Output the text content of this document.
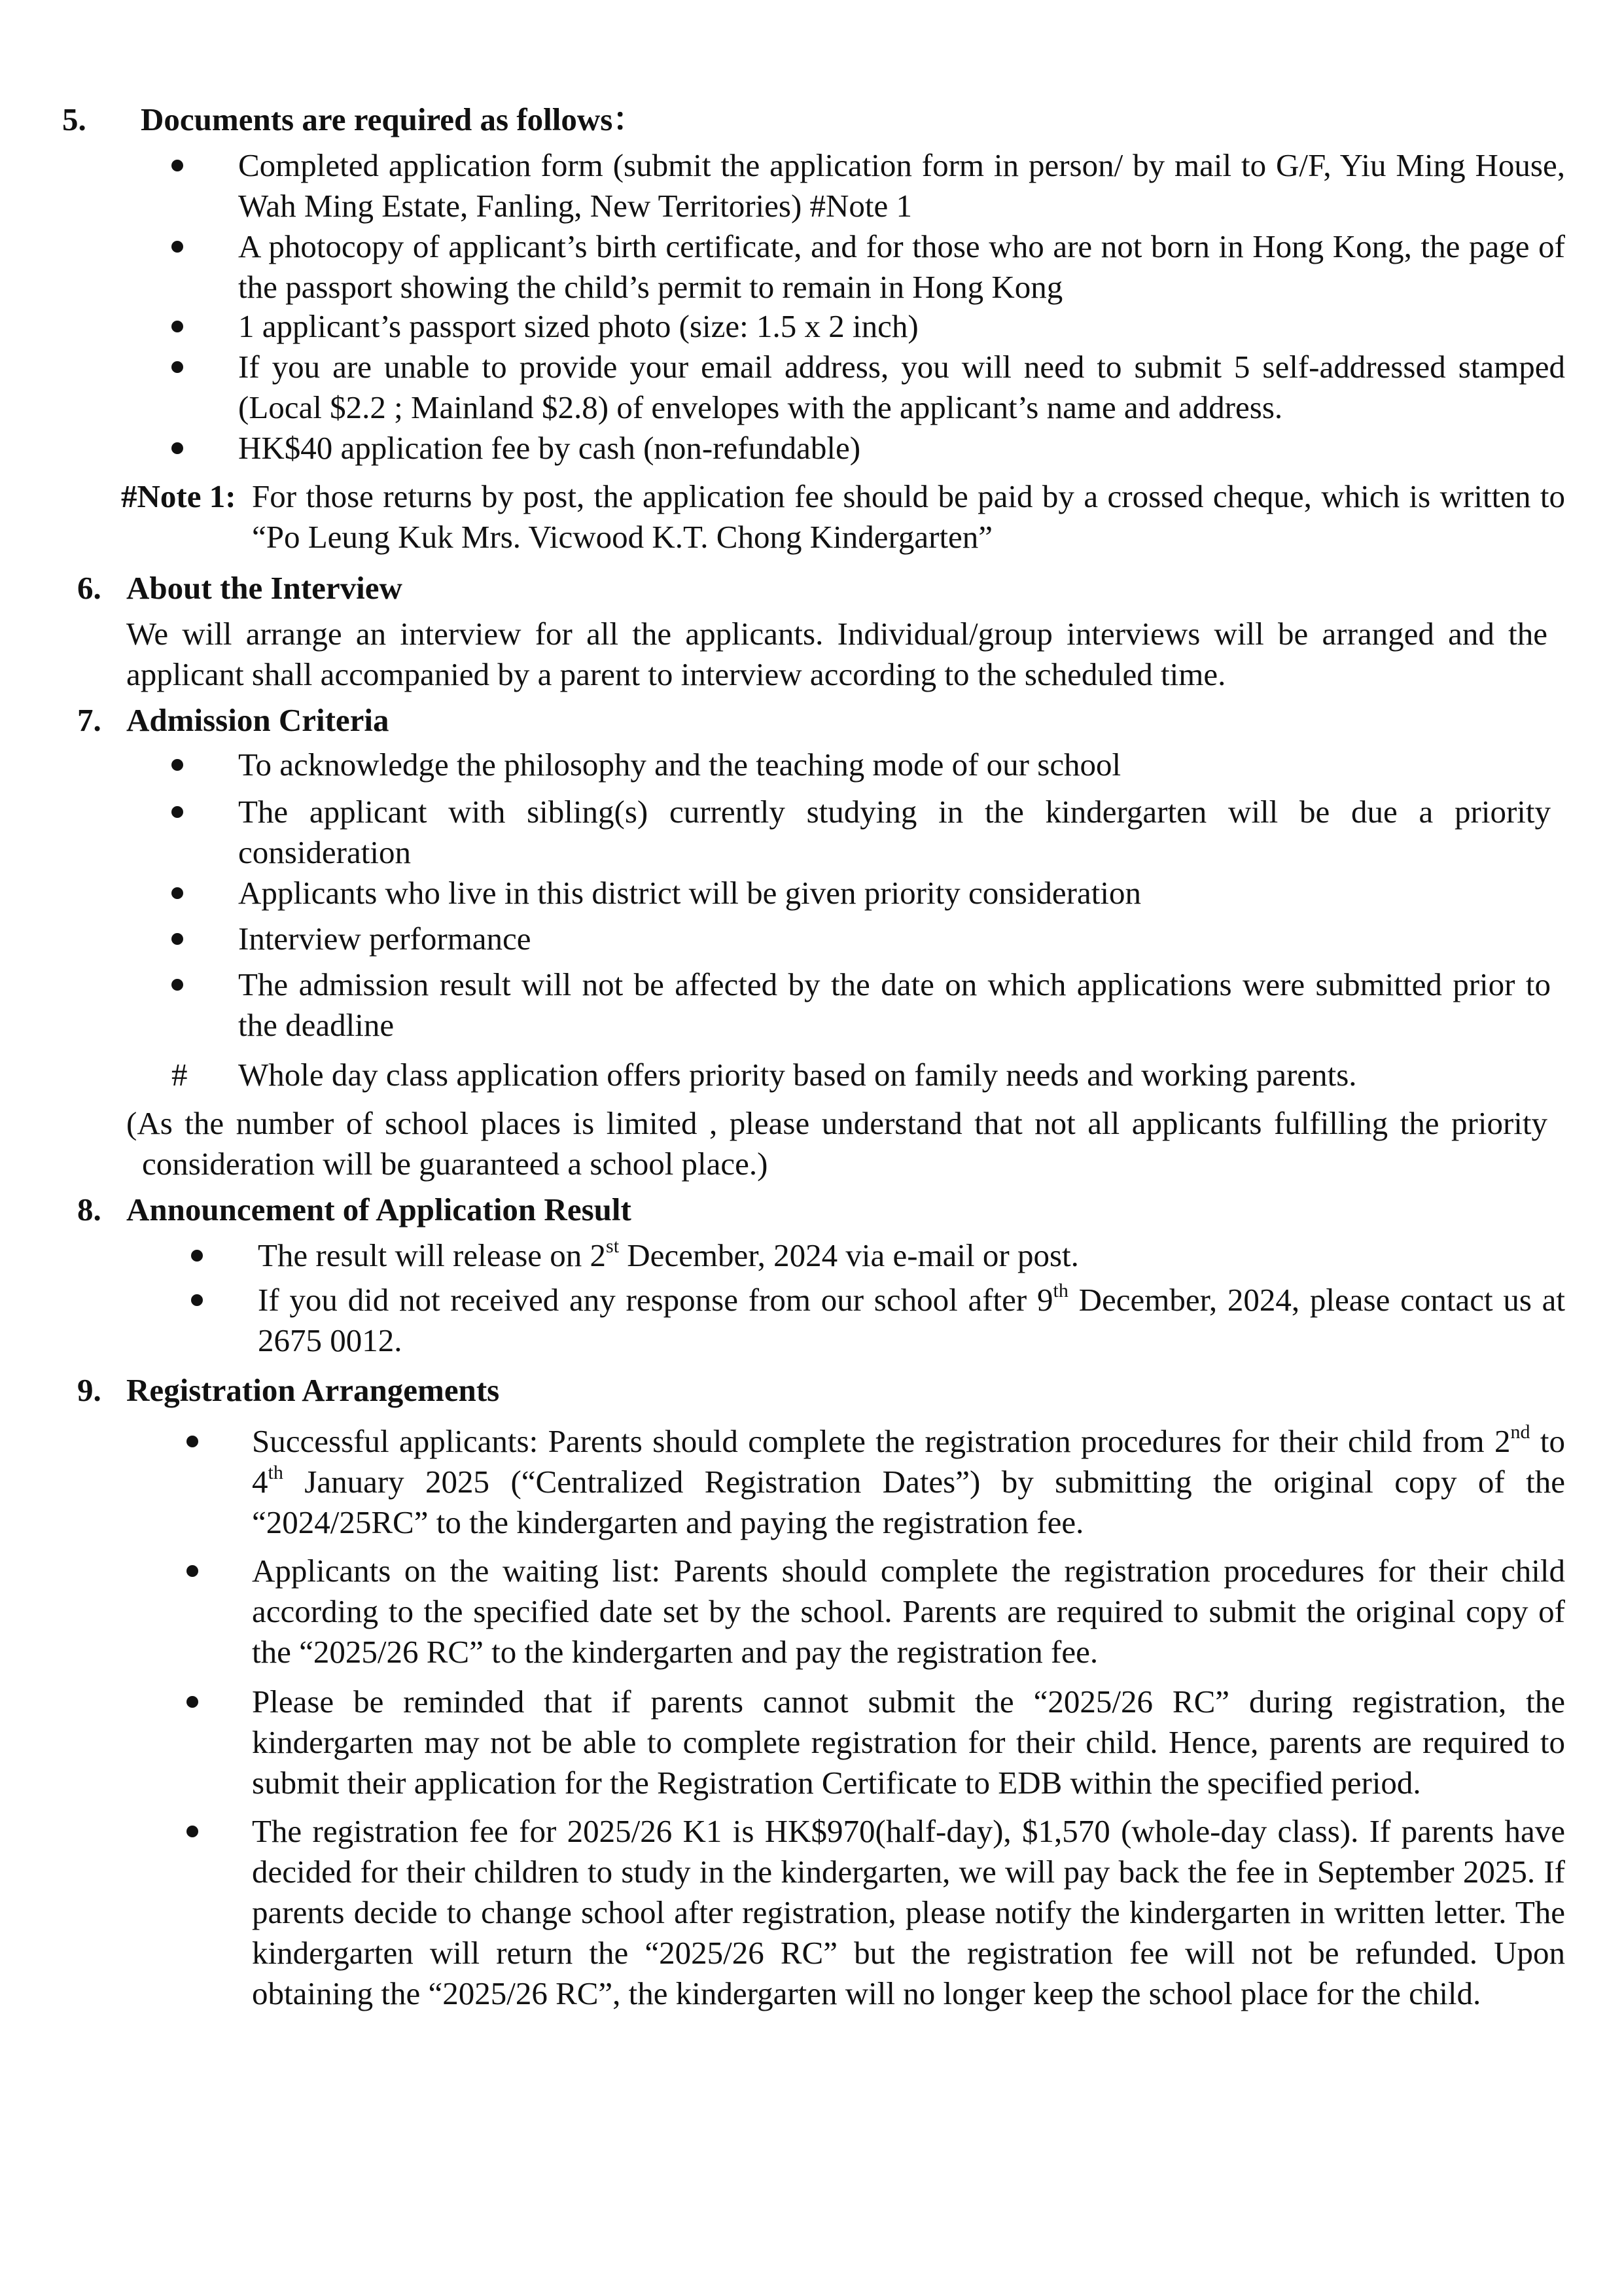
5. Documents are required as follows：
Completed application form (submit the application form in person/ by mail to G/F, Yiu Ming House, Wah Ming Estate, Fanling, New Territories) #Note 1
A photocopy of applicant’s birth certificate, and for those who are not born in Hong Kong, the page of the passport showing the child’s permit to remain in Hong Kong
1 applicant’s passport sized photo (size: 1.5 x 2 inch)
If you are unable to provide your email address, you will need to submit 5 self-addressed stamped (Local $2.2 ; Mainland $2.8) of envelopes with the applicant’s name and address.
HK$40 application fee by cash (non-refundable)
#Note 1: For those returns by post, the application fee should be paid by a crossed cheque, which is written to “Po Leung Kuk Mrs. Vicwood K.T. Chong Kindergarten”
6. About the Interview
We will arrange an interview for all the applicants. Individual/group interviews will be arranged and the applicant shall accompanied by a parent to interview according to the scheduled time.
7. Admission Criteria
To acknowledge the philosophy and the teaching mode of our school
The applicant with sibling(s) currently studying in the kindergarten will be due a priority consideration
Applicants who live in this district will be given priority consideration
Interview performance
The admission result will not be affected by the date on which applications were submitted prior to the deadline
# Whole day class application offers priority based on family needs and working parents.
(As the number of school places is limited , please understand that not all applicants fulfilling the priority consideration will be guaranteed a school place.)
8. Announcement of Application Result
The result will release on 2st December, 2024 via e-mail or post.
If you did not received any response from our school after 9th December, 2024, please contact us at 2675 0012.
9. Registration Arrangements
Successful applicants: Parents should complete the registration procedures for their child from 2nd to 4th January 2025 (“Centralized Registration Dates”) by submitting the original copy of the “2024/25RC” to the kindergarten and paying the registration fee.
Applicants on the waiting list: Parents should complete the registration procedures for their child according to the specified date set by the school. Parents are required to submit the original copy of the “2025/26 RC” to the kindergarten and pay the registration fee.
Please be reminded that if parents cannot submit the “2025/26 RC” during registration, the kindergarten may not be able to complete registration for their child. Hence, parents are required to submit their application for the Registration Certificate to EDB within the specified period.
The registration fee for 2025/26 K1 is HK$970(half-day), $1,570 (whole-day class). If parents have decided for their children to study in the kindergarten, we will pay back the fee in September 2025. If parents decide to change school after registration, please notify the kindergarten in written letter. The kindergarten will return the “2025/26 RC” but the registration fee will not be refunded. Upon obtaining the “2025/26 RC”, the kindergarten will no longer keep the school place for the child.
